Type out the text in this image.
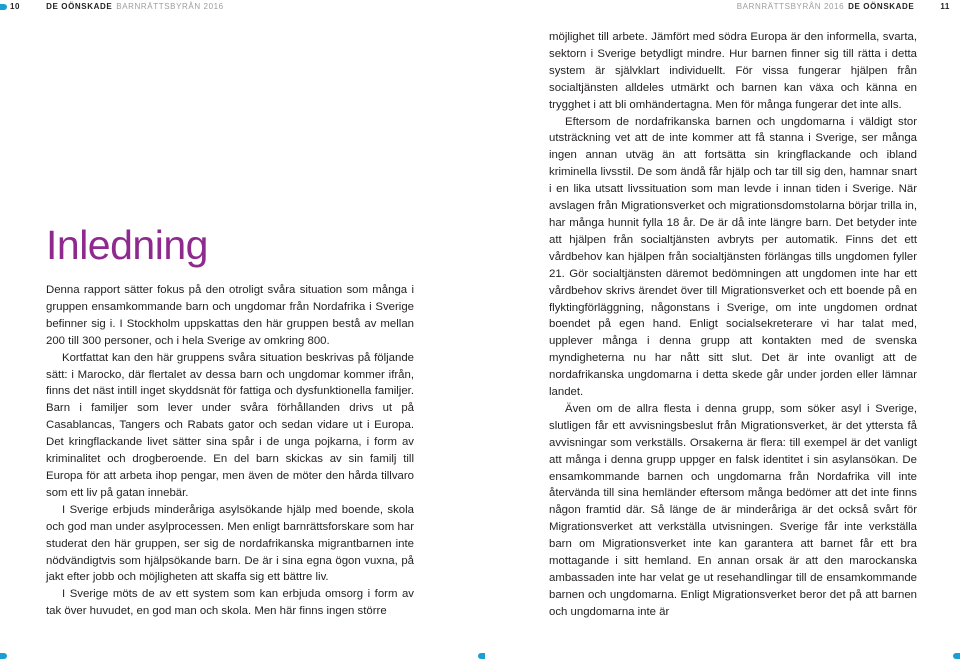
10	DE OÖNSKADE BARNRÄTTSBYRÅN 2016	BARNRÄTTSBYRÅN 2016 DE OÖNSKADE	11
Inledning

Denna rapport sätter fokus på den otroligt svåra situation som många i gruppen ensamkommande barn och ungdomar från Nordafrika i Sverige befinner sig i. I Stockholm uppskattas den här gruppen bestå av mellan 200 till 300 personer, och i hela Sverige av omkring 800.

Kortfattat kan den här gruppens svåra situation beskrivas på följande sätt: i Marocko, där flertalet av dessa barn och ungdomar kommer ifrån, finns det näst intill inget skyddsnät för fattiga och dysfunktionella familjer. Barn i familjer som lever under svåra förhållanden drivs ut på Casablancas, Tangers och Rabats gator och sedan vidare ut i Europa. Det kringflackande livet sätter sina spår i de unga pojkarna, i form av kriminalitet och drogberoende. En del barn skickas av sin familj till Europa för att arbeta ihop pengar, men även de möter den hårda tillvaro som ett liv på gatan innebär.

I Sverige erbjuds minderåriga asylsökande hjälp med boende, skola och god man under asylprocessen. Men enligt barnrättsforskare som har studerat den här gruppen, ser sig de nordafrikanska migrantbarnen inte nödvändigtvis som hjälpsökande barn. De är i sina egna ögon vuxna, på jakt efter jobb och möjligheten att skaffa sig ett bättre liv.

I Sverige möts de av ett system som kan erbjuda omsorg i form av tak över huvudet, en god man och skola. Men här finns ingen större

möjlighet till arbete. Jämfört med södra Europa är den informella, svarta, sektorn i Sverige betydligt mindre. Hur barnen finner sig till rätta i detta system är självklart individuellt. För vissa fungerar hjälpen från socialtjänsten alldeles utmärkt och barnen kan växa och känna en trygghet i att bli omhändertagna. Men för många fungerar det inte alls.

Eftersom de nordafrikanska barnen och ungdomarna i väldigt stor utsträckning vet att de inte kommer att få stanna i Sverige, ser många ingen annan utväg än att fortsätta sin kringflackande och ibland kriminella livsstil. De som ändå får hjälp och tar till sig den, hamnar snart i en lika utsatt livssituation som man levde i innan tiden i Sverige. När avslagen från Migrationsverket och migrationsdomstolarna börjar trilla in, har många hunnit fylla 18 år. De är då inte längre barn. Det betyder inte att hjälpen från socialtjänsten avbryts per automatik. Finns det ett vårdbehov kan hjälpen från socialtjänsten förlängas tills ungdomen fyller 21. Gör socialtjänsten däremot bedömningen att ungdomen inte har ett vårdbehov skrivs ärendet över till Migrationsverket och ett boende på en flyktingförläggning, någonstans i Sverige, om inte ungdomen ordnat boendet på egen hand. Enligt socialsekreterare vi har talat med, upplever många i denna grupp att kontakten med de svenska myndigheterna nu har nått sitt slut. Det är inte ovanligt att de nordafrikanska ungdomarna i detta skede går under jorden eller lämnar landet.

Även om de allra flesta i denna grupp, som söker asyl i Sverige, slutligen får ett avvisningsbeslut från Migrationsverket, är det yttersta få avvisningar som verkställs. Orsakerna är flera: till exempel är det vanligt att många i denna grupp uppger en falsk identitet i sin asylansökan. De ensamkommande barnen och ungdomarna från Nordafrika vill inte återvända till sina hemländer eftersom många bedömer att det inte finns någon framtid där. Så länge de är minderåriga är det också svårt för Migrationsverket att verkställa utvisningen. Sverige får inte verkställa barn om Migrationsverket inte kan garantera att barnet får ett bra mottagande i sitt hemland. En annan orsak är att den marockanska ambassaden inte har velat ge ut resehandlingar till de ensamkommande barnen och ungdomarna. Enligt Migrationsverket beror det på att barnen och ungdomarna inte är
